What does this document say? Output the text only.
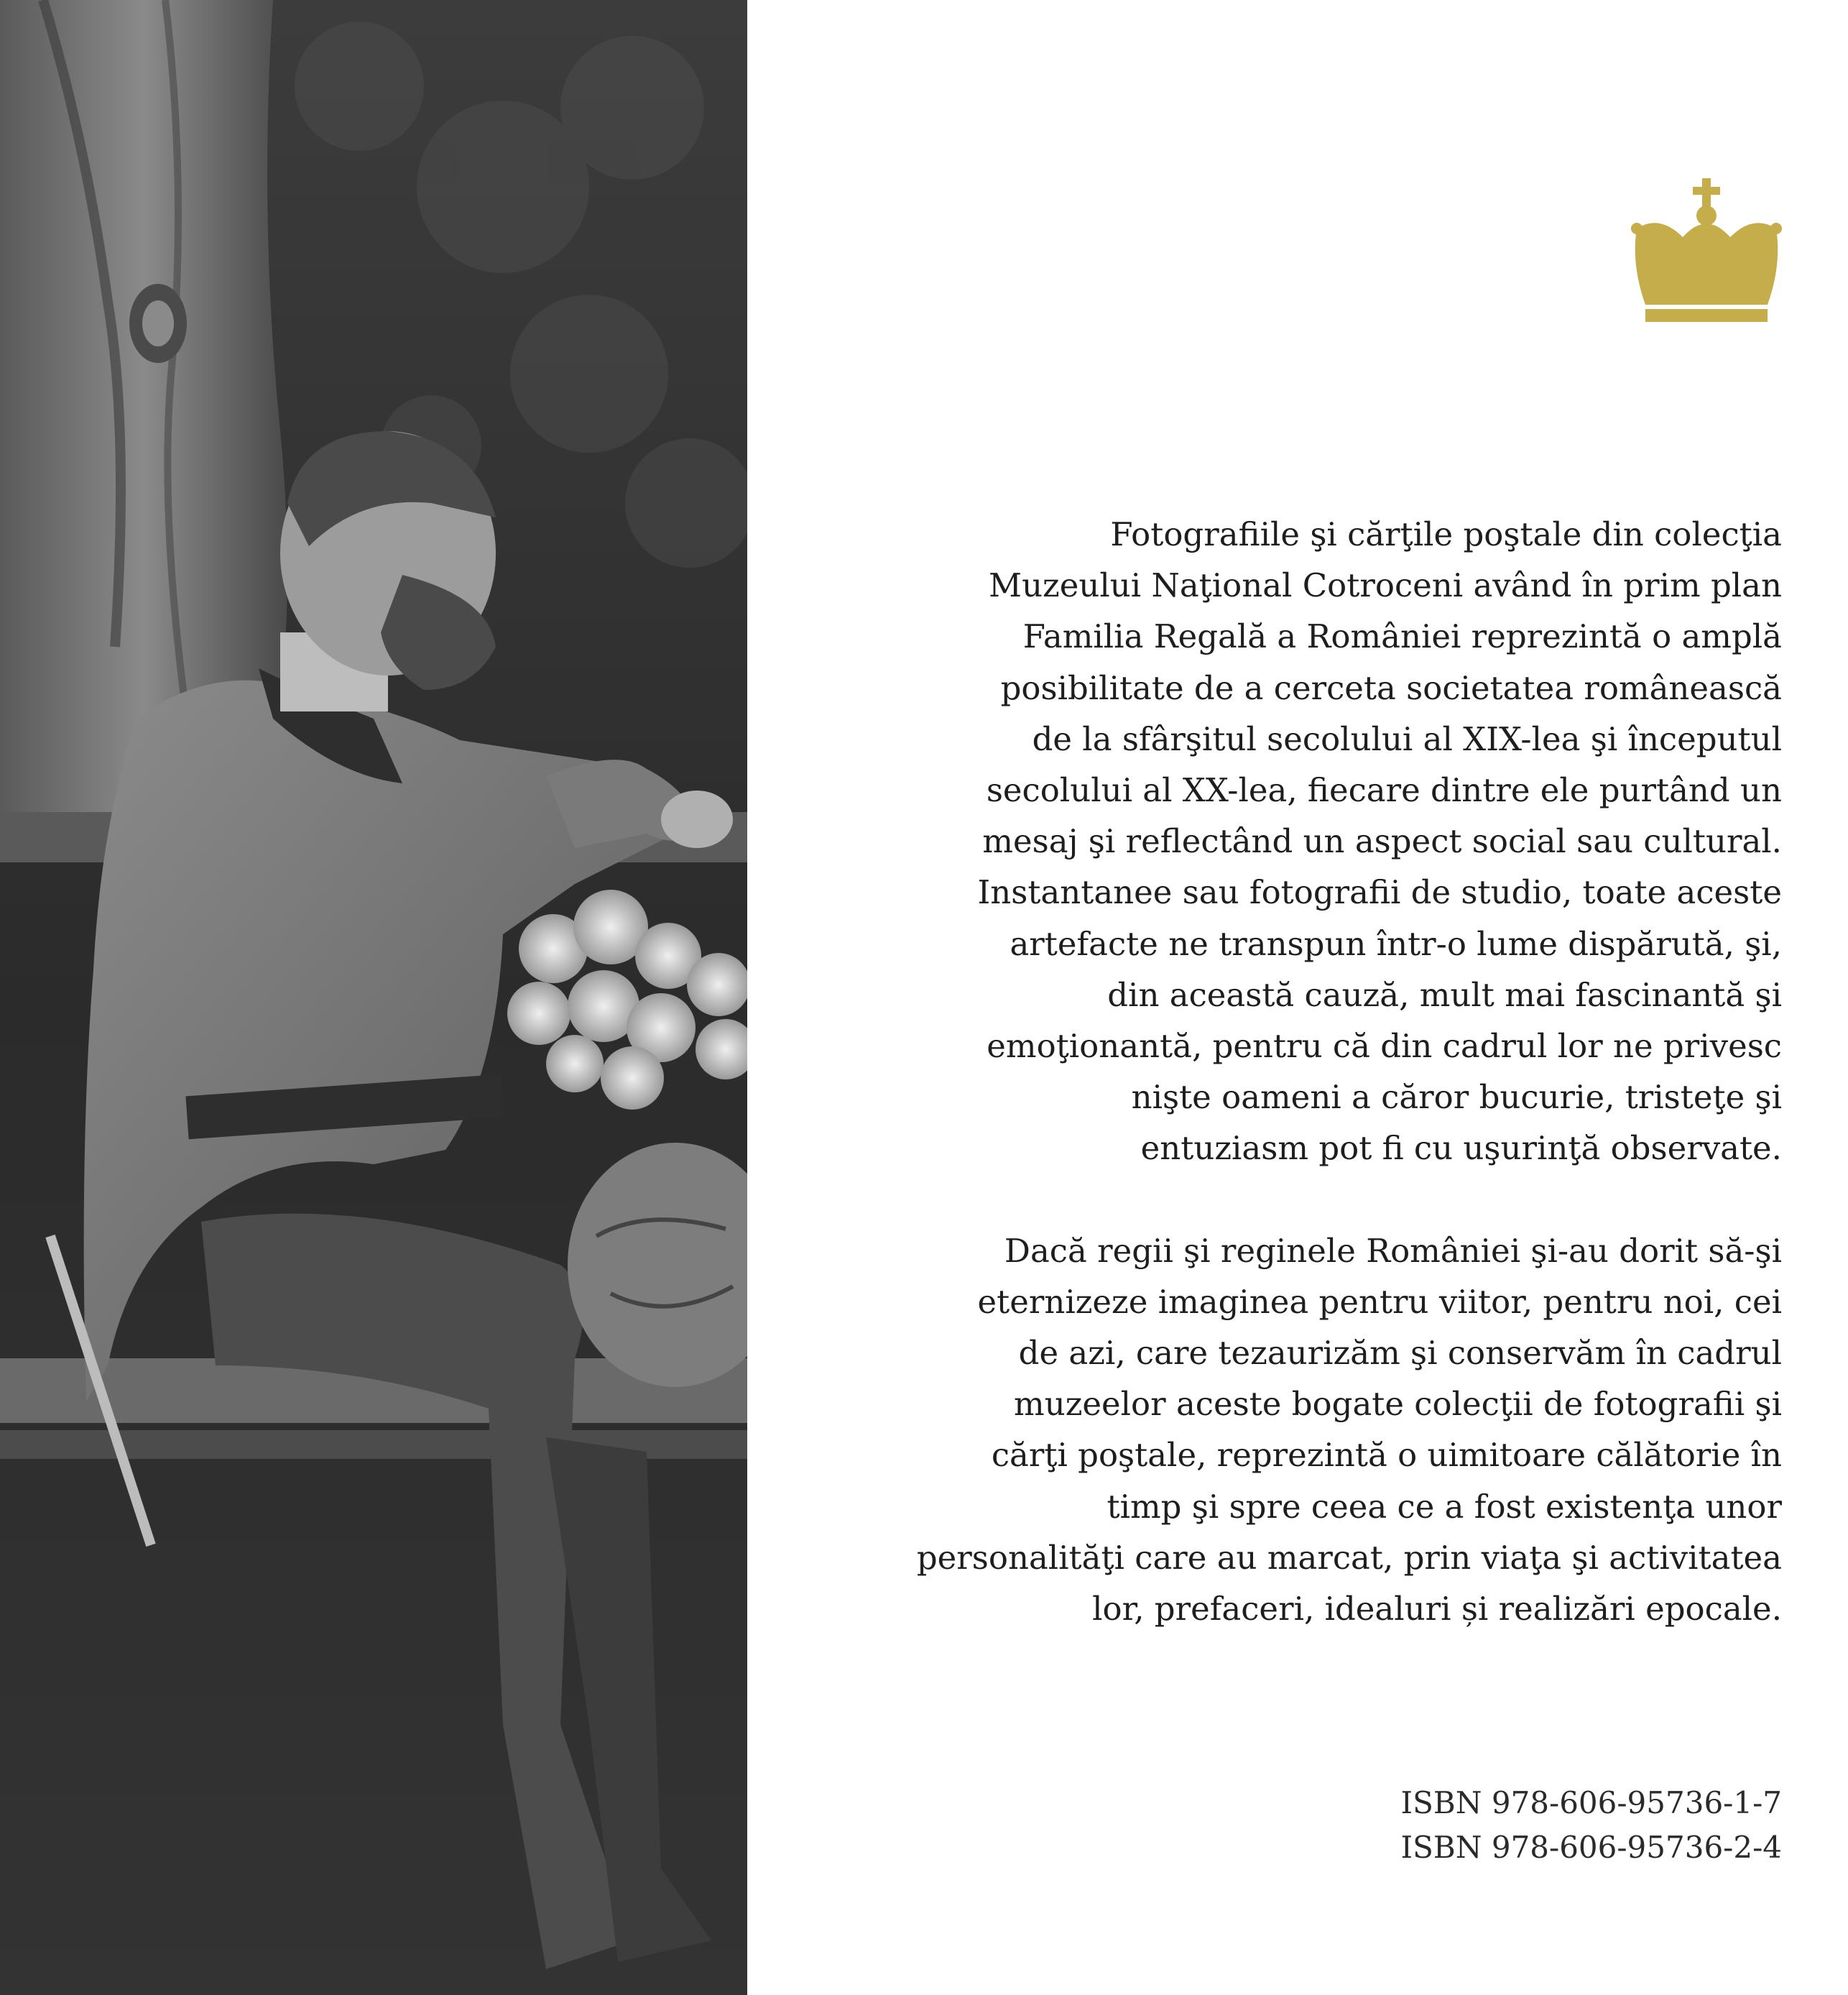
Fotografiile şi cărţile poştale din colecţia
Muzeului Naţional Cotroceni având în prim plan
Familia Regală a României reprezintă o amplă
posibilitate de a cerceta societatea românească
de la sfârşitul secolului al XIX-lea şi începutul
secolului al XX-lea, fiecare dintre ele purtând un
mesaj şi reflectând un aspect social sau cultural.
Instantanee sau fotografii de studio, toate aceste
artefacte ne transpun într-o lume dispărută, şi,
din această cauză, mult mai fascinantă şi
emoţionantă, pentru că din cadrul lor ne privesc
nişte oameni a căror bucurie, tristeţe şi
entuziasm pot fi cu uşurinţă observate.

Dacă regii şi reginele României şi-au dorit să-şi
eternizeze imaginea pentru viitor, pentru noi, cei
de azi, care tezaurizăm şi conservăm în cadrul
muzeelor aceste bogate colecţii de fotografii şi
cărţi poştale, reprezintă o uimitoare călătorie în
timp şi spre ceea ce a fost existenţa unor
personalităţi care au marcat, prin viaţa şi activitatea
lor, prefaceri, idealuri și realizări epocale.

ISBN 978-606-95736-1-7
ISBN 978-606-95736-2-4
